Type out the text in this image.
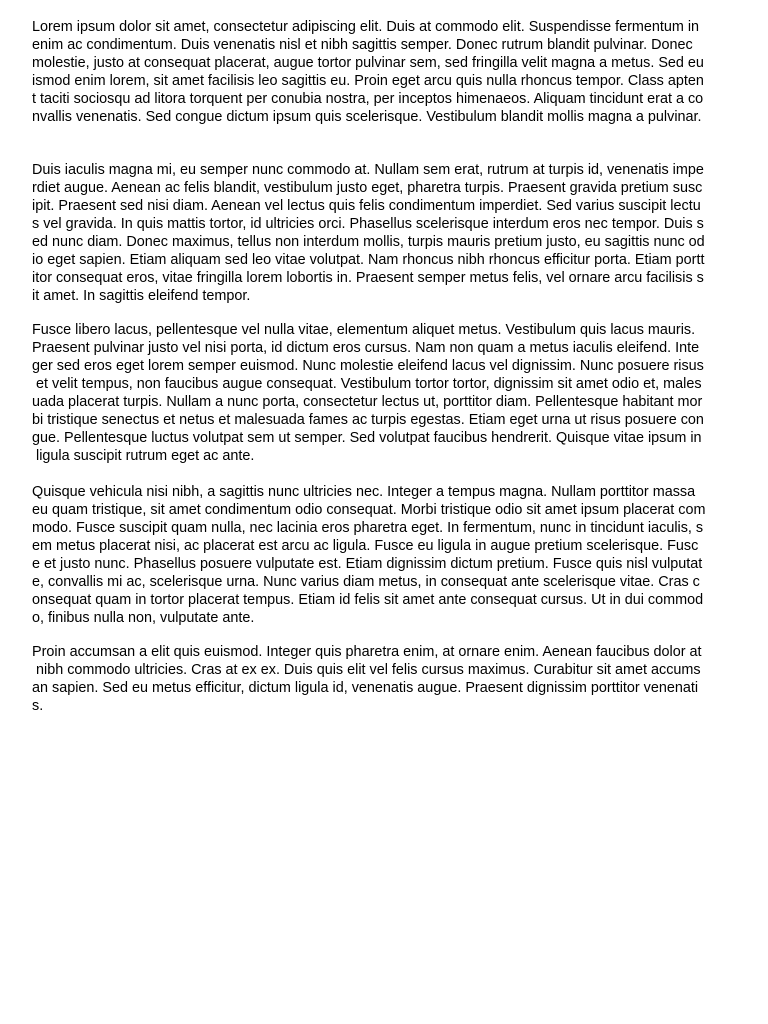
Lorem ipsum dolor sit amet, consectetur adipiscing elit. Duis at commodo elit. Suspendisse fermentum in
enim ac condimentum. Duis venenatis nisl et nibh sagittis semper. Donec rutrum blandit pulvinar. Donec
molestie, justo at consequat placerat, augue tortor pulvinar sem, sed fringilla velit magna a metus. Sed eu
ismod enim lorem, sit amet facilisis leo sagittis eu. Proin eget arcu quis nulla rhoncus tempor. Class apten
t taciti sociosqu ad litora torquent per conubia nostra, per inceptos himenaeos. Aliquam tincidunt erat a co
nvallis venenatis. Sed congue dictum ipsum quis scelerisque. Vestibulum blandit mollis magna a pulvinar.

Duis iaculis magna mi, eu semper nunc commodo at. Nullam sem erat, rutrum at turpis id, venenatis impe
rdiet augue. Aenean ac felis blandit, vestibulum justo eget, pharetra turpis. Praesent gravida pretium susc
ipit. Praesent sed nisi diam. Aenean vel lectus quis felis condimentum imperdiet. Sed varius suscipit lectu
s vel gravida. In quis mattis tortor, id ultricies orci. Phasellus scelerisque interdum eros nec tempor. Duis s
ed nunc diam. Donec maximus, tellus non interdum mollis, turpis mauris pretium justo, eu sagittis nunc od
io eget sapien. Etiam aliquam sed leo vitae volutpat. Nam rhoncus nibh rhoncus efficitur porta. Etiam portt
itor consequat eros, vitae fringilla lorem lobortis in. Praesent semper metus felis, vel ornare arcu facilisis s
it amet. In sagittis eleifend tempor.

Fusce libero lacus, pellentesque vel nulla vitae, elementum aliquet metus. Vestibulum quis lacus mauris.
Praesent pulvinar justo vel nisi porta, id dictum eros cursus. Nam non quam a metus iaculis eleifend. Inte
ger sed eros eget lorem semper euismod. Nunc molestie eleifend lacus vel dignissim. Nunc posuere risus
et velit tempus, non faucibus augue consequat. Vestibulum tortor tortor, dignissim sit amet odio et, males
uada placerat turpis. Nullam a nunc porta, consectetur lectus ut, porttitor diam. Pellentesque habitant mor
bi tristique senectus et netus et malesuada fames ac turpis egestas. Etiam eget urna ut risus posuere con
gue. Pellentesque luctus volutpat sem ut semper. Sed volutpat faucibus hendrerit. Quisque vitae ipsum in
ligula suscipit rutrum eget ac ante.

Quisque vehicula nisi nibh, a sagittis nunc ultricies nec. Integer a tempus magna. Nullam porttitor massa
eu quam tristique, sit amet condimentum odio consequat. Morbi tristique odio sit amet ipsum placerat com
modo. Fusce suscipit quam nulla, nec lacinia eros pharetra eget. In fermentum, nunc in tincidunt iaculis, s
em metus placerat nisi, ac placerat est arcu ac ligula. Fusce eu ligula in augue pretium scelerisque. Fusc
e et justo nunc. Phasellus posuere vulputate est. Etiam dignissim dictum pretium. Fusce quis nisl vulputat
e, convallis mi ac, scelerisque urna. Nunc varius diam metus, in consequat ante scelerisque vitae. Cras c
onsequat quam in tortor placerat tempus. Etiam id felis sit amet ante consequat cursus. Ut in dui commod
o, finibus nulla non, vulputate ante.

Proin accumsan a elit quis euismod. Integer quis pharetra enim, at ornare enim. Aenean faucibus dolor at
nibh commodo ultricies. Cras at ex ex. Duis quis elit vel felis cursus maximus. Curabitur sit amet accums
an sapien. Sed eu metus efficitur, dictum ligula id, venenatis augue. Praesent dignissim porttitor venenati
s.
